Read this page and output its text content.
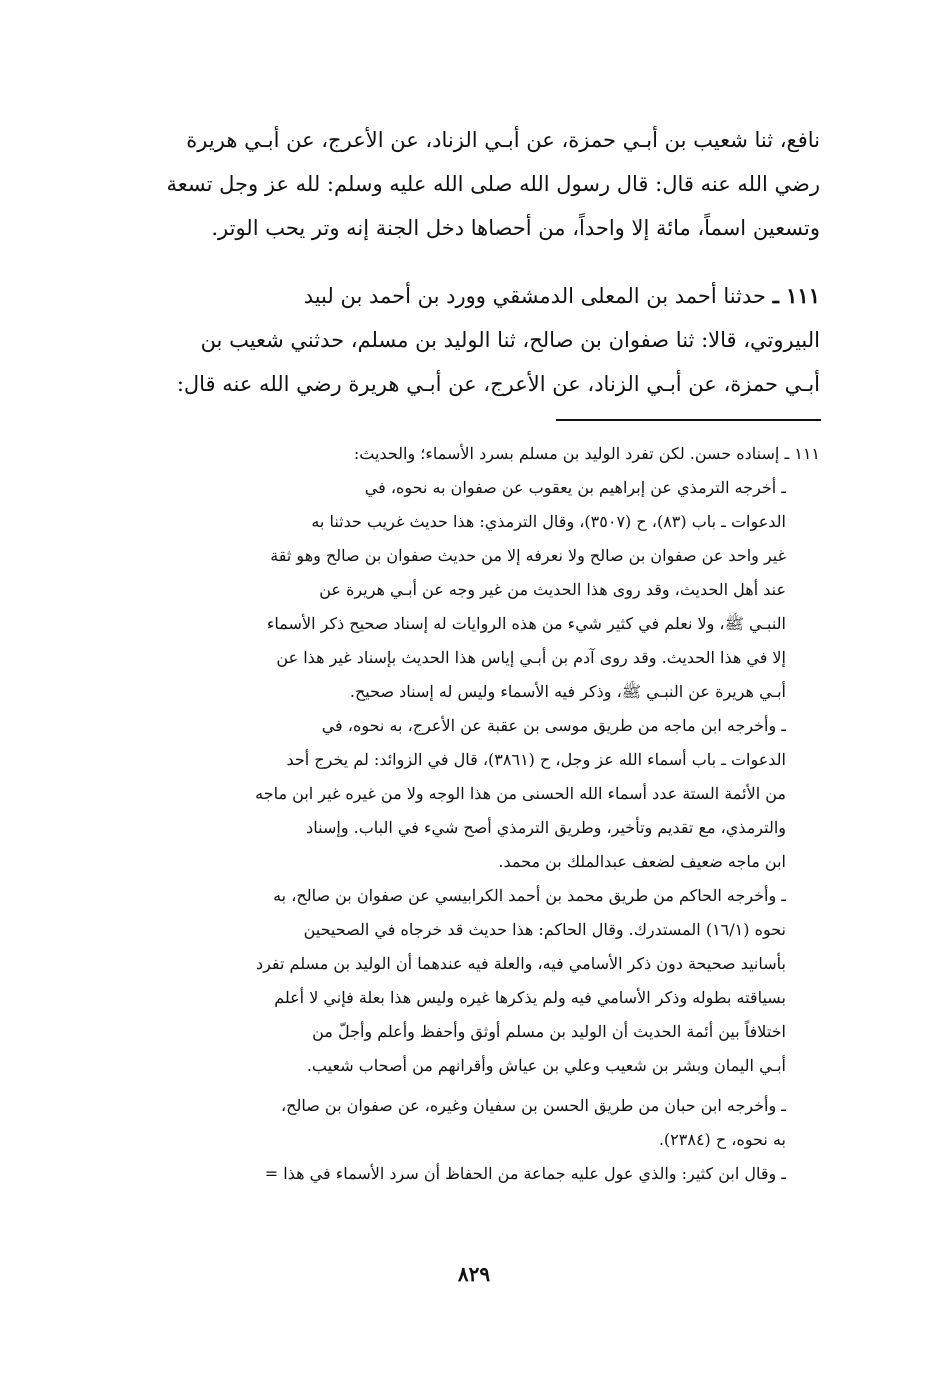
نافع، ثنا شعيب بن أبـي حمزة، عن أبـي الزناد، عن الأعرج، عن أبـي هريرة
رضي الله عنه قال: قال رسول الله صلى الله عليه وسلم: لله عز وجل تسعة
وتسعين اسماً، مائة إلا واحداً، من أحصاها دخل الجنة إنه وتر يحب الوتر.
١١١ ـ حدثنا أحمد بن المعلى الدمشقي وورد بن أحمد بن لبيد
البيروتي، قالا: ثنا صفوان بن صالح، ثنا الوليد بن مسلم، حدثني شعيب بن
أبـي حمزة، عن أبـي الزناد، عن الأعرج، عن أبـي هريرة رضي الله عنه قال:
١١١ ـ إسناده حسن. لكن تفرد الوليد بن مسلم بسرد الأسماء؛ والحديث:
ـ أخرجه الترمذي عن إبراهيم بن يعقوب عن صفوان به نحوه، في
الدعوات ـ باب (٨٣)، ح (٣٥٠٧)، وقال الترمذي: هذا حديث غريب حدثنا به
غير واحد عن صفوان بن صالح ولا نعرفه إلا من حديث صفوان بن صالح وهو ثقة
عند أهل الحديث، وقد روى هذا الحديث من غير وجه عن أبـي هريرة عن
النبـي ﷺ، ولا نعلم في كثير شيء من هذه الروايات له إسناد صحيح ذكر الأسماء
إلا في هذا الحديث. وقد روى آدم بن أبـي إياس هذا الحديث بإسناد غير هذا عن
أبـي هريرة عن النبـي ﷺ، وذكر فيه الأسماء وليس له إسناد صحيح.
ـ وأخرجه ابن ماجه من طريق موسى بن عقبة عن الأعرج، به نحوه، في
الدعوات ـ باب أسماء الله عز وجل، ح (٣٨٦١)، قال في الزوائد: لم يخرج أحد
من الأئمة الستة عدد أسماء الله الحسنى من هذا الوجه ولا من غيره غير ابن ماجه
والترمذي، مع تقديم وتأخير، وطريق الترمذي أصح شيء في الباب. وإسناد
ابن ماجه ضعيف لضعف عبدالملك بن محمد.
ـ وأخرجه الحاكم من طريق محمد بن أحمد الكرابيسي عن صفوان بن صالح، به
نحوه (١٦/١) المستدرك. وقال الحاكم: هذا حديث قد خرجاه في الصحيحين
بأسانيد صحيحة دون ذكر الأسامي فيه، والعلة فيه عندهما أن الوليد بن مسلم تفرد
بسياقته بطوله وذكر الأسامي فيه ولم يذكرها غيره وليس هذا بعلة فإني لا أعلم
اختلافاً بين أئمة الحديث أن الوليد بن مسلم أوثق وأحفظ وأعلم وأجلّ من
أبـي اليمان وبشر بن شعيب وعلي بن عياش وأقرانهم من أصحاب شعيب.
ـ وأخرجه ابن حبان من طريق الحسن بن سفيان وغيره، عن صفوان بن صالح،
به نحوه، ح (٢٣٨٤).
ـ وقال ابن كثير: والذي عول عليه جماعة من الحفاظ أن سرد الأسماء في هذا =
٨٢٩
